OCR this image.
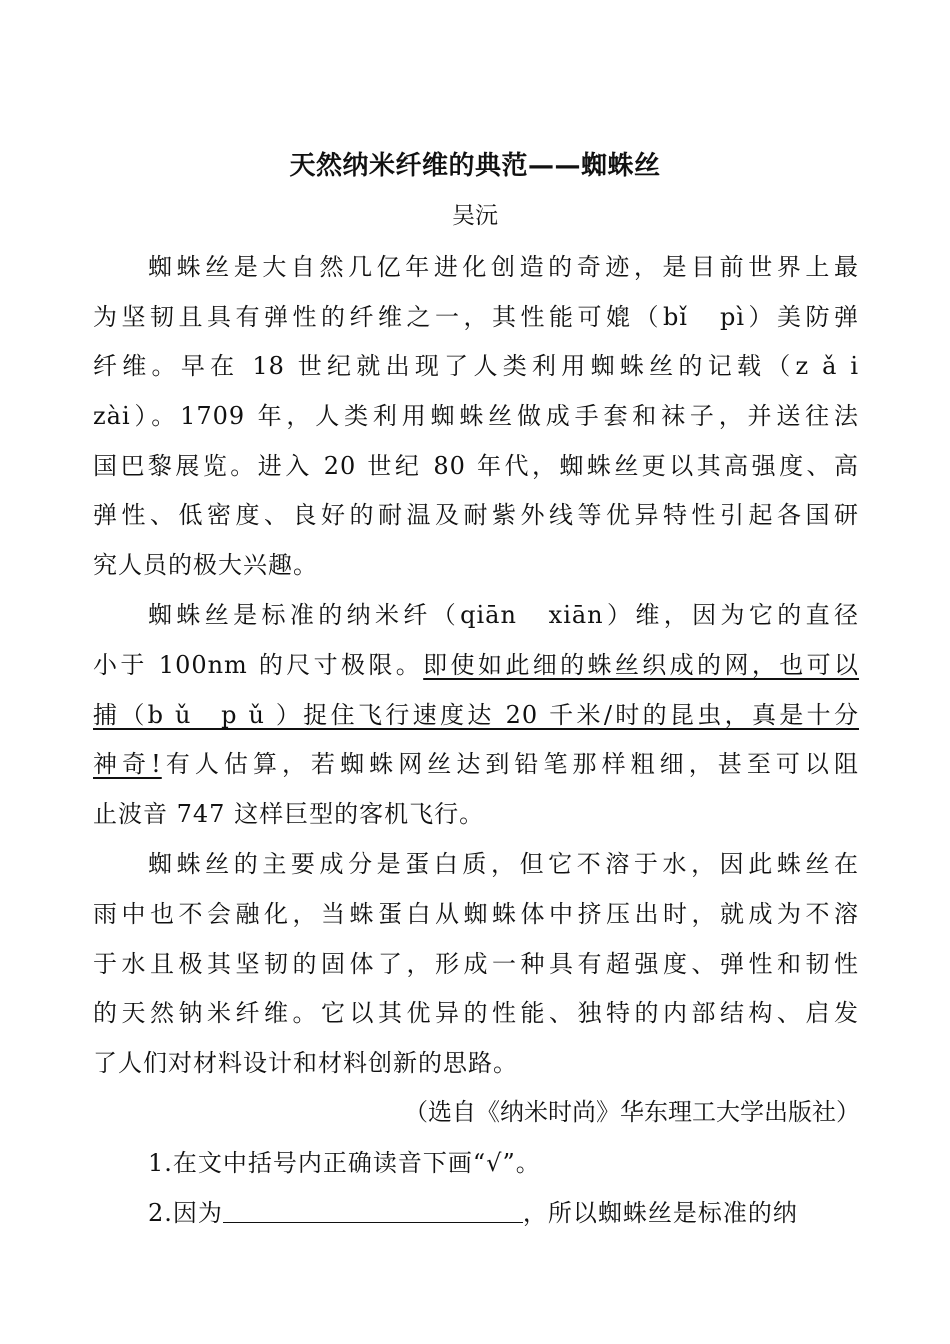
天然纳米纤维的典范——蜘蛛丝
吴沅
蜘蛛丝是大自然几亿年进化创造的奇迹，是目前世界上最
为坚韧且具有弹性的纤维之一，其性能可媲（bǐ　pì）美防弹
纤维。早在 18 世纪就出现了人类利用蜘蛛丝的记载（z ǎ i
zài）。1709 年，人类利用蜘蛛丝做成手套和袜子，并送往法
国巴黎展览。进入 20 世纪 80 年代，蜘蛛丝更以其高强度、高
弹性、低密度、良好的耐温及耐紫外线等优异特性引起各国研
究人员的极大兴趣。
蜘蛛丝是标准的纳米纤（qiān　xiān）维，因为它的直径
小于 100nm 的尺寸极限。即使如此细的蛛丝织成的网，也可以
捕（b ǔ　p ǔ ）捉住飞行速度达 20 千米/时的昆虫，真是十分
神奇!有人估算，若蜘蛛网丝达到铅笔那样粗细，甚至可以阻
止波音 747 这样巨型的客机飞行。
蜘蛛丝的主要成分是蛋白质，但它不溶于水，因此蛛丝在
雨中也不会融化，当蛛蛋白从蜘蛛体中挤压出时，就成为不溶
于水且极其坚韧的固体了，形成一种具有超强度、弹性和韧性
的天然钠米纤维。它以其优异的性能、独特的内部结构、启发
了人们对材料设计和材料创新的思路。
（选自《纳米时尚》华东理工大学出版社）
1.在文中括号内正确读音下画“√”。
2.因为	，所以蜘蛛丝是标准的纳
